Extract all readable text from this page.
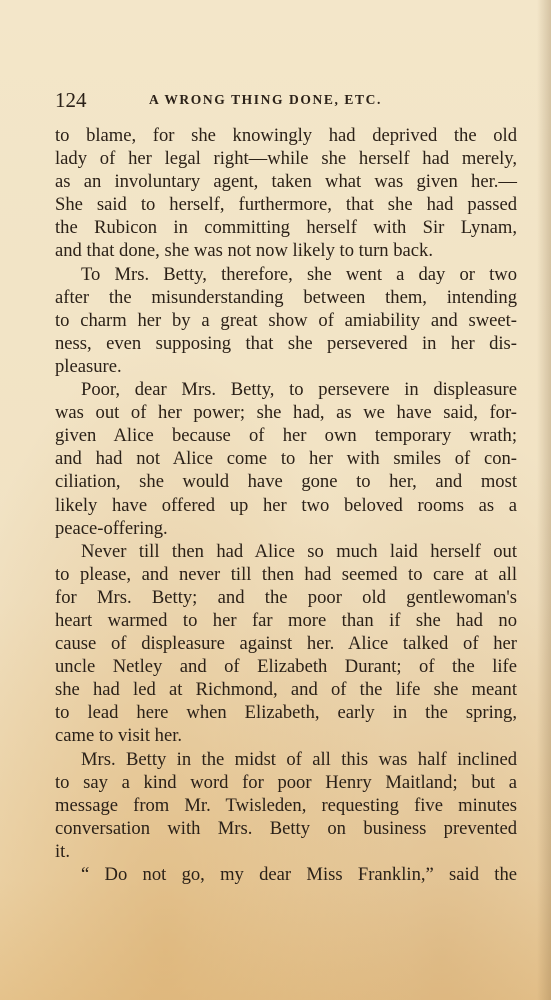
124	A WRONG THING DONE, ETC.
to blame, for she knowingly had deprived the old
lady of her legal right—while she herself had merely,
as an involuntary agent, taken what was given her.—
She said to herself, furthermore, that she had passed
the Rubicon in committing herself with Sir Lynam,
and that done, she was not now likely to turn back.
To Mrs. Betty, therefore, she went a day or two
after the misunderstanding between them, intending
to charm her by a great show of amiability and sweet-
ness, even supposing that she persevered in her dis-
pleasure.
Poor, dear Mrs. Betty, to persevere in displeasure
was out of her power; she had, as we have said, for-
given Alice because of her own temporary wrath;
and had not Alice come to her with smiles of con-
ciliation, she would have gone to her, and most
likely have offered up her two beloved rooms as a
peace-offering.
Never till then had Alice so much laid herself out
to please, and never till then had seemed to care at all
for Mrs. Betty; and the poor old gentlewoman's
heart warmed to her far more than if she had no
cause of displeasure against her. Alice talked of her
uncle Netley and of Elizabeth Durant; of the life
she had led at Richmond, and of the life she meant
to lead here when Elizabeth, early in the spring,
came to visit her.
Mrs. Betty in the midst of all this was half inclined
to say a kind word for poor Henry Maitland; but a
message from Mr. Twisleden, requesting five minutes
conversation with Mrs. Betty on business prevented
it.
“ Do not go, my dear Miss Franklin,” said the
